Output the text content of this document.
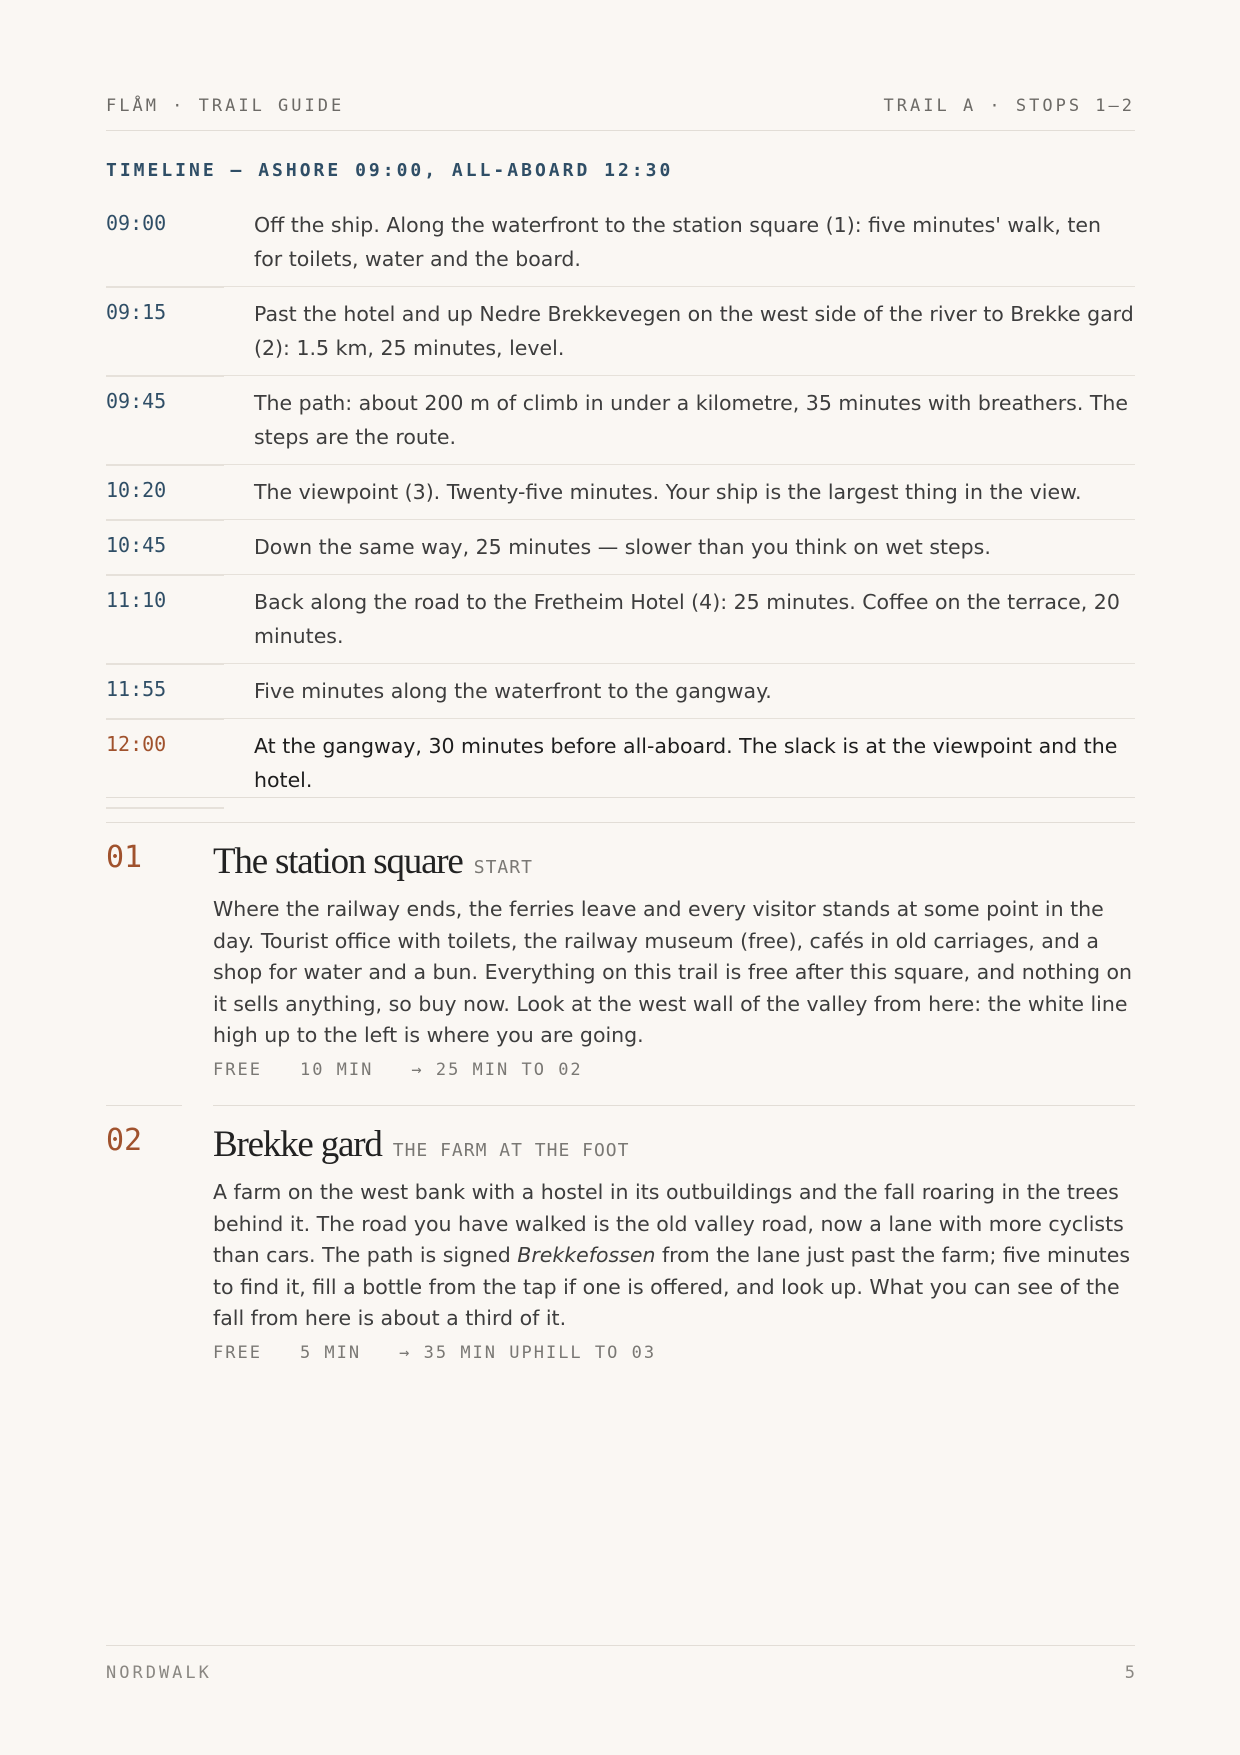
FLÅM · TRAIL GUIDE	TRAIL A · STOPS 1–2
TIMELINE — ASHORE 09:00, ALL-ABOARD 12:30
09:00	Off the ship. Along the waterfront to the station square (1): five minutes' walk, ten for toilets, water and the board.
09:15	Past the hotel and up Nedre Brekkevegen on the west side of the river to Brekke gard (2): 1.5 km, 25 minutes, level.
09:45	The path: about 200 m of climb in under a kilometre, 35 minutes with breathers. The steps are the route.
10:20	The viewpoint (3). Twenty-five minutes. Your ship is the largest thing in the view.
10:45	Down the same way, 25 minutes — slower than you think on wet steps.
11:10	Back along the road to the Fretheim Hotel (4): 25 minutes. Coffee on the terrace, 20 minutes.
11:55	Five minutes along the waterfront to the gangway.
12:00	At the gangway, 30 minutes before all-aboard. The slack is at the viewpoint and the hotel.
01 The station square START

Where the railway ends, the ferries leave and every visitor stands at some point in the day. Tourist office with toilets, the railway museum (free), cafés in old carriages, and a shop for water and a bun. Everything on this trail is free after this square, and nothing on it sells anything, so buy now. Look at the west wall of the valley from here: the white line high up to the left is where you are going.

FREE 10 MIN → 25 MIN TO 02
02 Brekke gard THE FARM AT THE FOOT

A farm on the west bank with a hostel in its outbuildings and the fall roaring in the trees behind it. The road you have walked is the old valley road, now a lane with more cyclists than cars. The path is signed Brekkefossen from the lane just past the farm; five minutes to find it, fill a bottle from the tap if one is offered, and look up. What you can see of the fall from here is about a third of it.

FREE 5 MIN → 35 MIN UPHILL TO 03
NORDWALK	5
